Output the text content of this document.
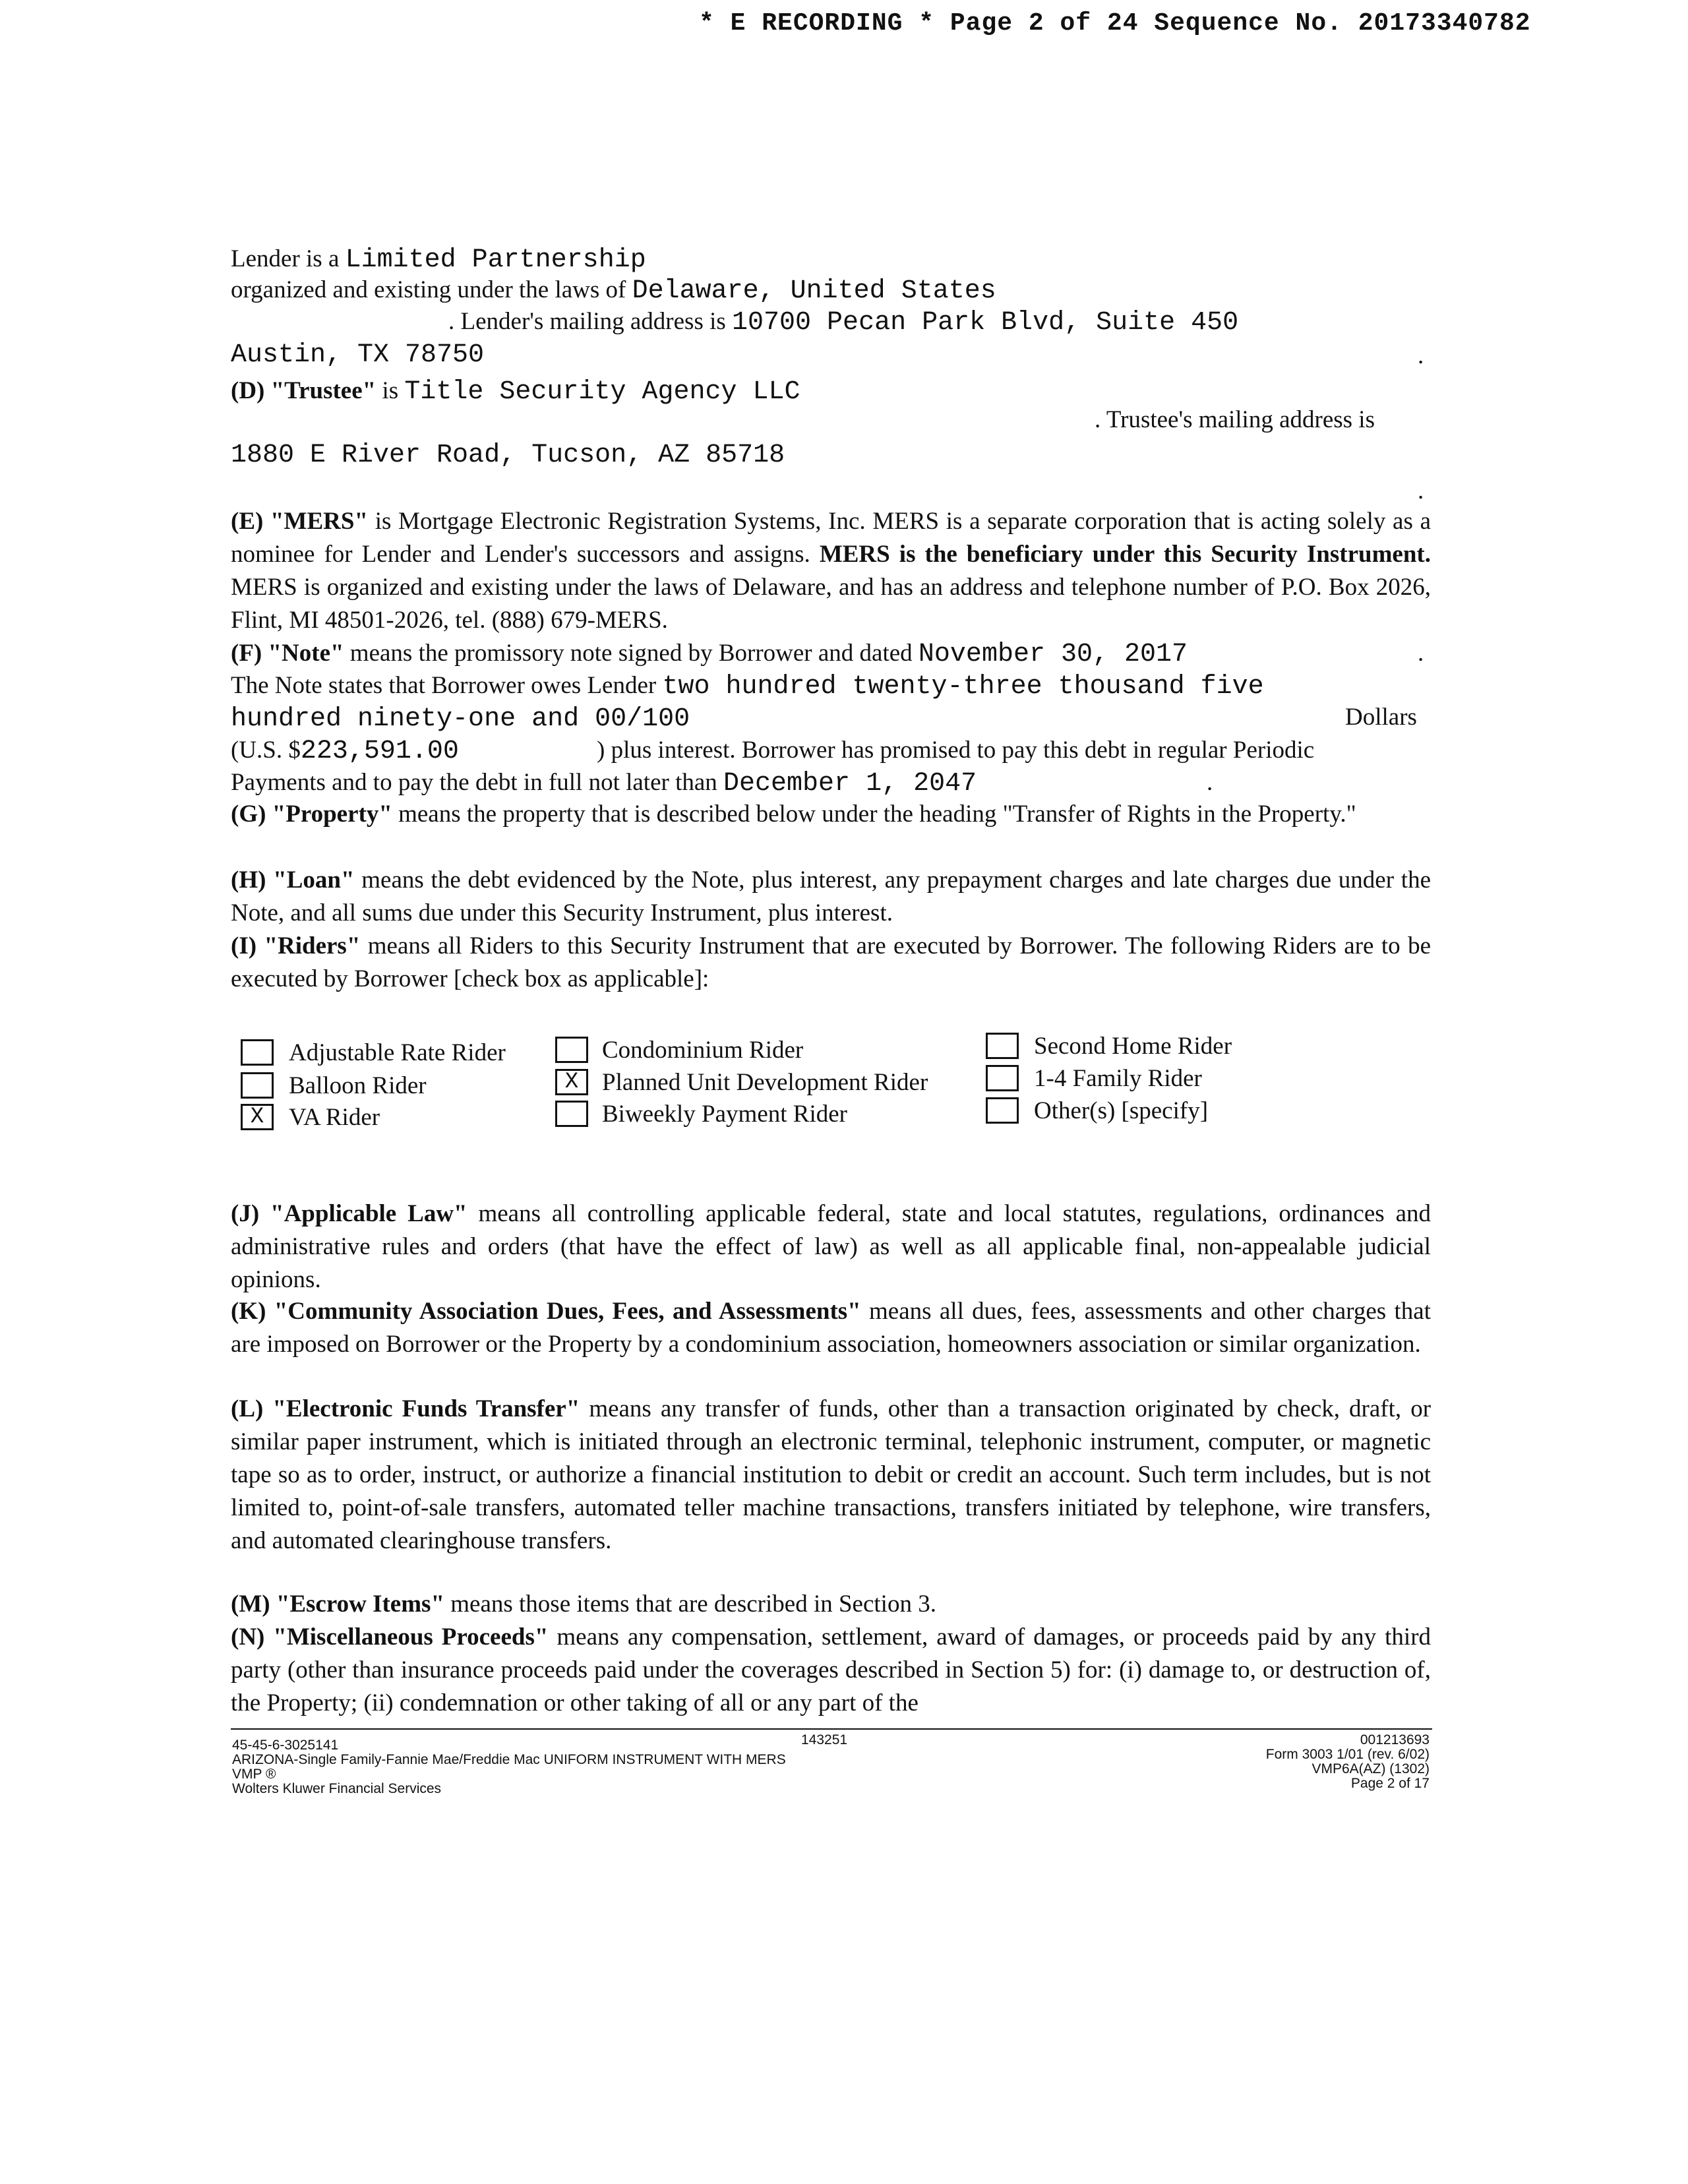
* E RECORDING * Page 2 of 24 Sequence No. 20173340782
Lender is a Limited Partnership
organized and existing under the laws of Delaware, United States
. Lender's mailing address is 10700 Pecan Park Blvd, Suite 450
Austin, TX 78750	.
(D) "Trustee" is Title Security Agency LLC
. Trustee's mailing address is
1880 E River Road, Tucson, AZ 85718
.
(E) "MERS" is Mortgage Electronic Registration Systems, Inc. MERS is a separate corporation that is acting solely as a nominee for Lender and Lender's successors and assigns. MERS is the beneficiary under this Security Instrument. MERS is organized and existing under the laws of Delaware, and has an address and telephone number of P.O. Box 2026, Flint, MI 48501-2026, tel. (888) 679-MERS.
(F) "Note" means the promissory note signed by Borrower and dated November 30, 2017	.
The Note states that Borrower owes Lender two hundred twenty-three thousand five
hundred ninety-one and 00/100	Dollars
(U.S. $223,591.00	) plus interest. Borrower has promised to pay this debt in regular Periodic
Payments and to pay the debt in full not later than December 1, 2047	.
(G) "Property" means the property that is described below under the heading "Transfer of Rights in the Property."
(H) "Loan" means the debt evidenced by the Note, plus interest, any prepayment charges and late charges due under the Note, and all sums due under this Security Instrument, plus interest.
(I) "Riders" means all Riders to this Security Instrument that are executed by Borrower. The following Riders are to be executed by Borrower [check box as applicable]:
Adjustable Rate Rider
Balloon Rider
X	VA Rider
Condominium Rider
X Planned Unit Development Rider
Biweekly Payment Rider
Second Home Rider
1-4 Family Rider
Other(s) [specify]
(J) "Applicable Law" means all controlling applicable federal, state and local statutes, regulations, ordinances and administrative rules and orders (that have the effect of law) as well as all applicable final, non-appealable judicial opinions.
(K) "Community Association Dues, Fees, and Assessments" means all dues, fees, assessments and other charges that are imposed on Borrower or the Property by a condominium association, homeowners association or similar organization.
(L) "Electronic Funds Transfer" means any transfer of funds, other than a transaction originated by check, draft, or similar paper instrument, which is initiated through an electronic terminal, telephonic instrument, computer, or magnetic tape so as to order, instruct, or authorize a financial institution to debit or credit an account. Such term includes, but is not limited to, point-of-sale transfers, automated teller machine transactions, transfers initiated by telephone, wire transfers, and automated clearinghouse transfers.
(M) "Escrow Items" means those items that are described in Section 3.
(N) "Miscellaneous Proceeds" means any compensation, settlement, award of damages, or proceeds paid by any third party (other than insurance proceeds paid under the coverages described in Section 5) for: (i) damage to, or destruction of, the Property; (ii) condemnation or other taking of all or any part of the
45-45-6-3025141
ARIZONA-Single Family-Fannie Mae/Freddie Mac UNIFORM INSTRUMENT WITH MERS
VMP ®
Wolters Kluwer Financial Services
143251	001213693
Form 3003 1/01 (rev. 6/02)
VMP6A(AZ) (1302)
Page 2 of 17
